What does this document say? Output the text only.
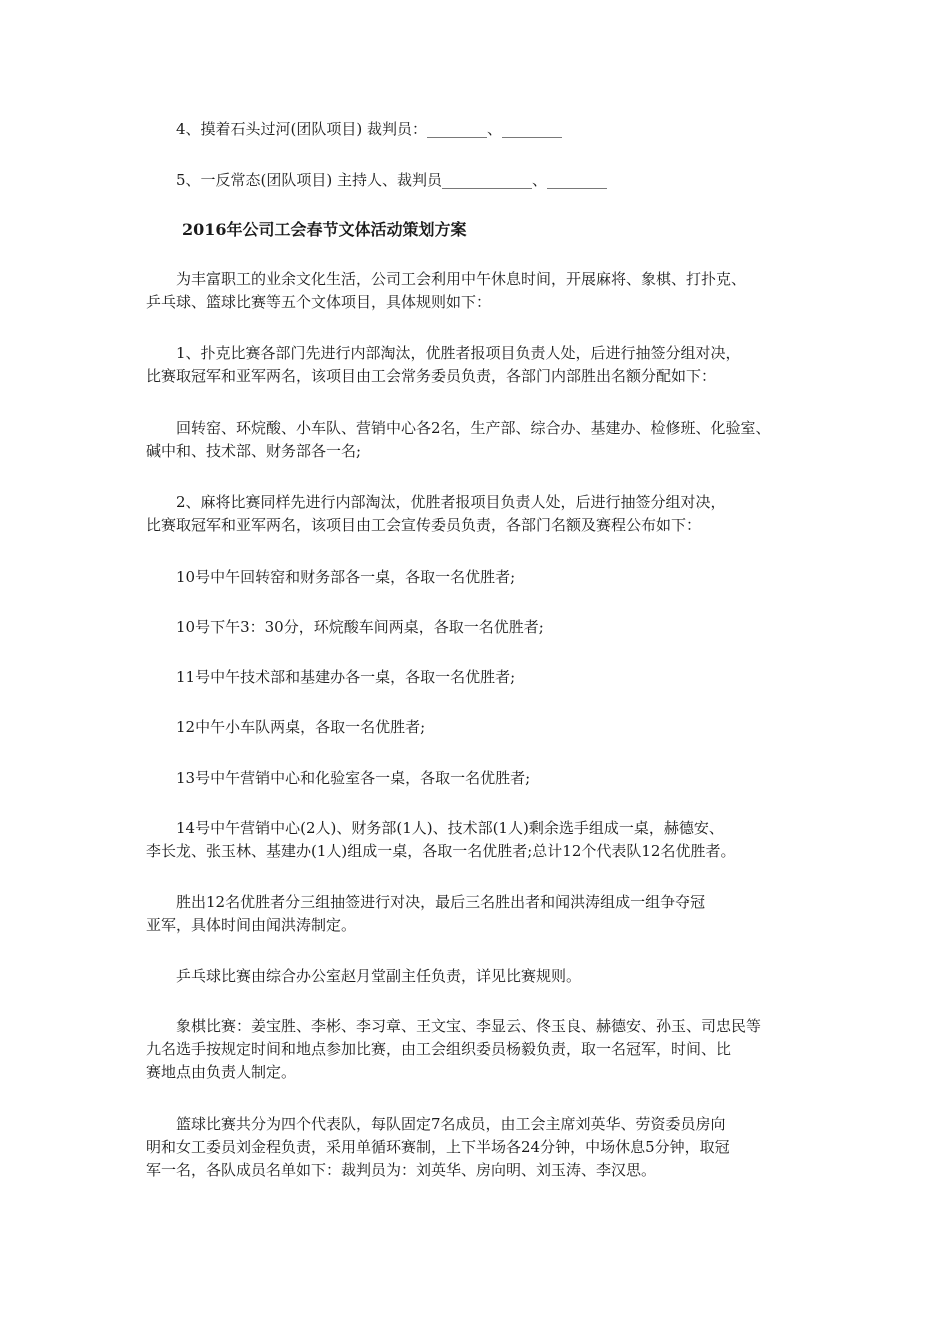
4、摸着石头过河(团队项目) 裁判员：________、________
5、一反常态(团队项目) 主持人、裁判员____________、________
2016年公司工会春节文体活动策划方案
为丰富职工的业余文化生活，公司工会利用中午休息时间，开展麻将、象棋、打扑克、
乒乓球、篮球比赛等五个文体项目，具体规则如下：
1、扑克比赛各部门先进行内部淘汰，优胜者报项目负责人处，后进行抽签分组对决，
比赛取冠军和亚军两名，该项目由工会常务委员负责，各部门内部胜出名额分配如下：
回转窑、环烷酸、小车队、营销中心各2名，生产部、综合办、基建办、检修班、化验室、
碱中和、技术部、财务部各一名;
2、麻将比赛同样先进行内部淘汰，优胜者报项目负责人处，后进行抽签分组对决，
比赛取冠军和亚军两名，该项目由工会宣传委员负责，各部门名额及赛程公布如下：
10号中午回转窑和财务部各一桌，各取一名优胜者;
10号下午3：30分，环烷酸车间两桌，各取一名优胜者;
11号中午技术部和基建办各一桌，各取一名优胜者;
12中午小车队两桌，各取一名优胜者;
13号中午营销中心和化验室各一桌，各取一名优胜者;
14号中午营销中心(2人)、财务部(1人)、技术部(1人)剩余选手组成一桌，赫德安、
李长龙、张玉林、基建办(1人)组成一桌，各取一名优胜者;总计12个代表队12名优胜者。
胜出12名优胜者分三组抽签进行对决，最后三名胜出者和闻洪涛组成一组争夺冠
亚军，具体时间由闻洪涛制定。
乒乓球比赛由综合办公室赵月堂副主任负责，详见比赛规则。
象棋比赛：姜宝胜、李彬、李习章、王文宝、李显云、佟玉良、赫德安、孙玉、司忠民等
九名选手按规定时间和地点参加比赛，由工会组织委员杨毅负责，取一名冠军，时间、比
赛地点由负责人制定。
篮球比赛共分为四个代表队，每队固定7名成员，由工会主席刘英华、劳资委员房向
明和女工委员刘金程负责，采用单循环赛制，上下半场各24分钟，中场休息5分钟，取冠
军一名，各队成员名单如下：裁判员为：刘英华、房向明、刘玉涛、李汉思。
